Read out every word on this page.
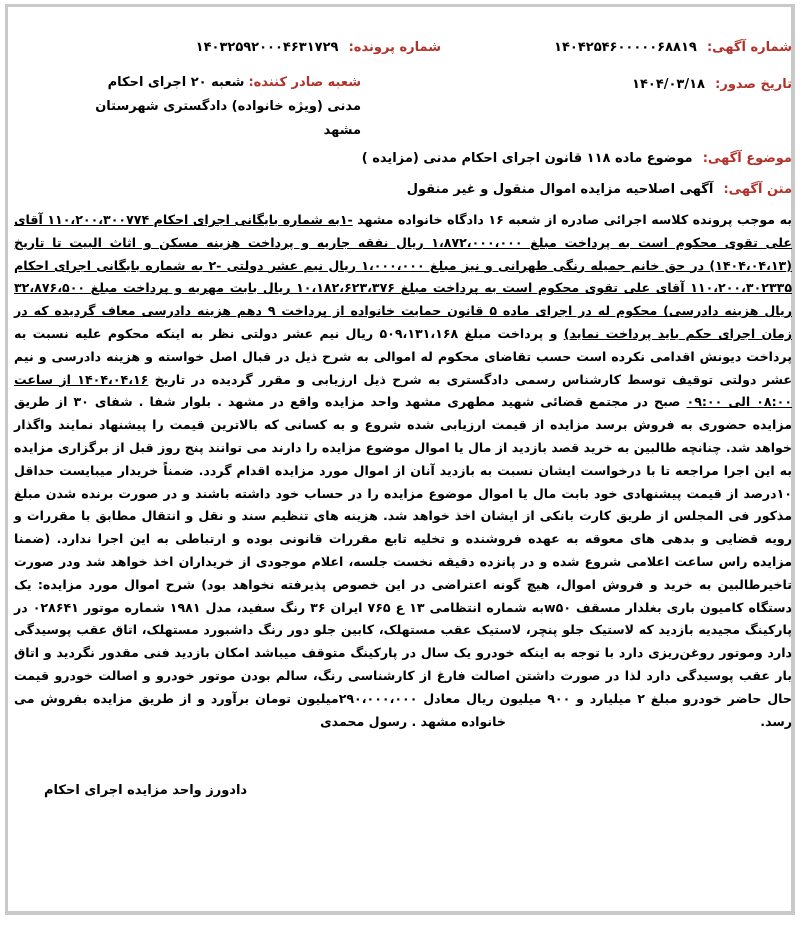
شماره آگهی: ۱۴۰۴۲۵۴۶۰۰۰۰۰۶۸۸۱۹
شماره پرونده: ۱۴۰۳۲۵۹۲۰۰۰۴۶۳۱۷۲۹
تاریخ صدور: ۱۴۰۴/۰۳/۱۸
شعبه صادر کننده:شعبه ۲۰ اجرای احکام مدنی (ویژه خانواده) دادگستری شهرستان مشهد
موضوع آگهی: موضوع ماده ۱۱۸ قانون اجرای احکام مدنی (مزایده )
متن آگهی: آگهی اصلاحیه مزایده اموال منقول و غیر منقول
به موجب پرونده کلاسه اجرائی صادره از شعبه ۱۶ دادگاه خانواده مشهد -۱به شماره بایگانی اجرای احکام ۱۱۰،۲۰۰،۳۰۰۷۷۴ آقای علی تقوی محکوم است به پرداخت مبلغ ۱،۸۷۲،۰۰۰،۰۰۰ ریال نفقه جاریه و پرداخت هزینه مسکن و اثاث البیت تا تاریخ (۱۴۰۴،۰۴،۱۳) در حق خانم جمیله رنگی طهرانی و نیز مبلغ ۱،۰۰۰،۰۰۰ ریال نیم عشر دولتی -۲ به شماره بایگانی اجرای احکام ۱۱۰،۲۰۰،۳۰۲۳۳۵ آقای علی تقوی محکوم است به پرداخت مبلغ ۱۰،۱۸۲،۶۲۳،۳۷۶ ریال بابت مهریه و پرداخت مبلغ ۳۲،۸۷۶،۵۰۰ ریال هزینه دادرسی) محکوم له در اجرای ماده ۵ قانون حمایت خانواده از پرداخت ۹ دهم هزینه دادرسی معاف گردیده که در زمان اجرای حکم باید پرداخت نماید) و پرداخت مبلغ ۵۰۹،۱۳۱،۱۶۸ ریال نیم عشر دولتی نظر به اینکه محکوم علیه نسبت به پرداخت دیونش اقدامی نکرده است حسب تقاضای محکوم له اموالی به شرح ذیل در قبال اصل خواسته و هزینه دادرسی و نیم عشر دولتی توقیف توسط کارشناس رسمی دادگستری به شرح ذیل ارزیابی و مقرر گردیده در تاریخ ۱۴۰۴،۰۴،۱۶ از ساعت ۰۸:۰۰ الی ۰۹:۰۰ صبح در مجتمع قضائی شهید مطهری مشهد واحد مزایده واقع در مشهد . بلوار شفا . شفای ۳۰ از طریق مزایده حضوری به فروش برسد مزایده از قیمت ارزیابی شده شروع و به کسانی که بالاترین قیمت را پیشنهاد نمایند واگذار خواهد شد. چنانچه طالبین به خرید قصد بازدید از مال یا اموال موضوع مزایده را دارند می توانند پنج روز قبل از برگزاری مزایده به این اجرا مراجعه تا با درخواست ایشان نسبت به بازدید آنان از اموال مورد مزایده اقدام گردد. ضمناً خریدار میبایست حداقل ۱۰درصد از قیمت پیشنهادی خود بابت مال یا اموال موضوع مزایده را در حساب خود داشته باشند و در صورت برنده شدن مبلغ مذکور فی المجلس از طریق کارت بانکی از ایشان اخذ خواهد شد. هزینه های تنظیم سند و نقل و انتقال مطابق با مقررات و رویه قضایی و بدهی های معوقه به عهده فروشنده و تخلیه تابع مقررات قانونی بوده و ارتباطی به این اجرا ندارد. (ضمنا مزایده راس ساعت اعلامی شروع شده و در پانزده دقیقه نخست جلسه، اعلام موجودی از خریداران اخذ خواهد شد ودر صورت تاخیرطالبین به خرید و فروش اموال، هیچ گونه اعتراضی در این خصوص پذیرفته نخواهد بود) شرح اموال مورد مزایده: یک دستگاه کامیون باری بغلدار مسقف w۵۰به شماره انتظامی ۱۳ ع ۷۶۵ ایران ۳۶ رنگ سفید، مدل ۱۹۸۱ شماره موتور ۰۲۸۶۴۱ در پارکینگ مجیدیه بازدید که لاستیک جلو پنچر، لاستیک عقب مستهلک، کابین جلو دور رنگ داشبورد مستهلک، اتاق عقب پوسیدگی دارد وموتور روغن‌ریزی دارد با توجه به اینکه خودرو یک سال در پارکینگ متوقف میباشد امکان بازدید فنی مقدور نگردید و اتاق بار عقب پوسیدگی دارد لذا در صورت داشتن اصالت فارغ از کارشناسی رنگ، سالم بودن موتور خودرو و اصالت خودرو قیمت حال حاضر خودرو مبلغ ۲ میلیارد و ۹۰۰ میلیون ریال معادل ۲۹۰،۰۰۰،۰۰۰میلیون تومان برآورد و از طریق مزایده بفروش می رسد. خانواده مشهد . رسول محمدی
دادورز واحد مزایده اجرای احکام
